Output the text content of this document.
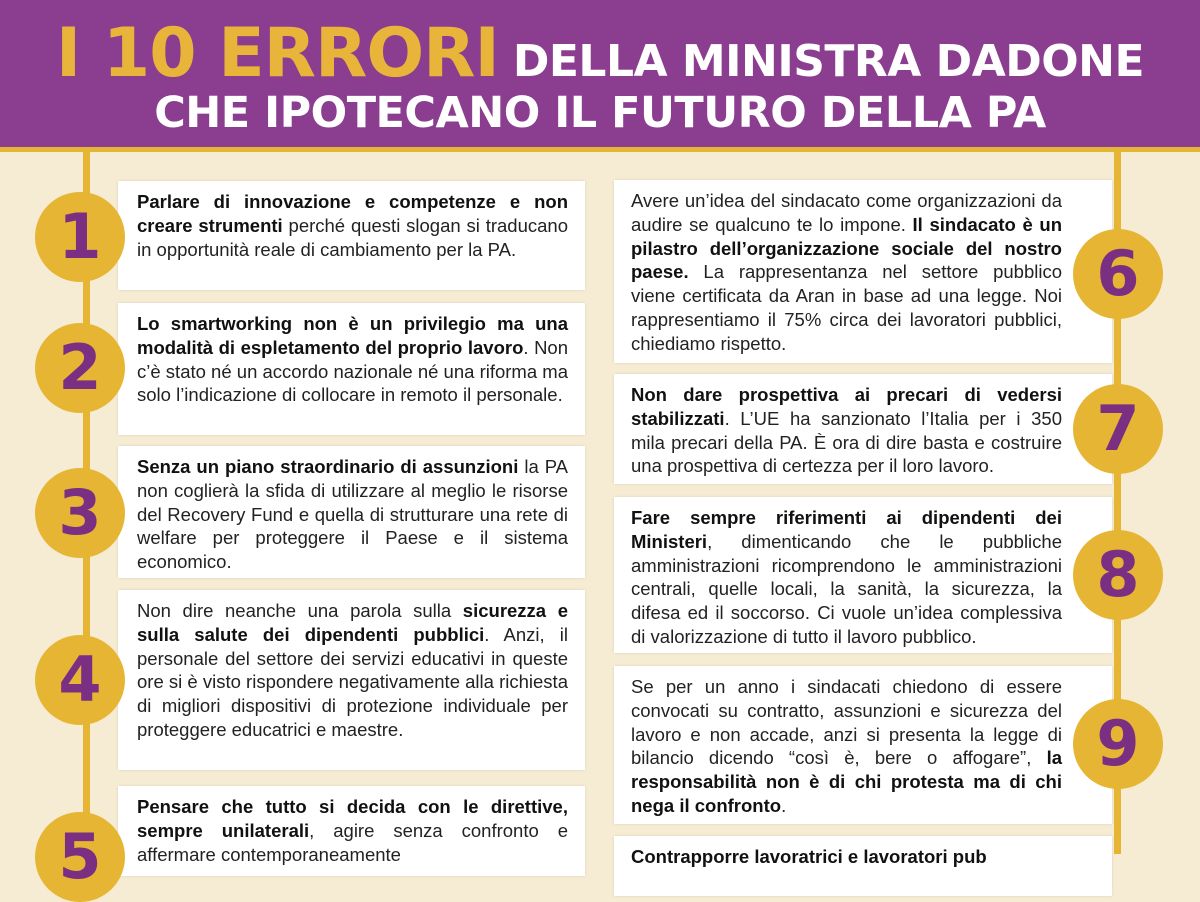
I 10 ERRORI DELLA MINISTRA DADONE
CHE IPOTECANO IL FUTURO DELLA PA
Parlare di innovazione e competenze e non creare strumenti perché questi slogan si traducano in opportunità reale di cambiamento per la PA.
1
Lo smartworking non è un privilegio ma una modalità di espletamento del proprio lavoro. Non c’è stato né un accordo nazionale né una riforma ma solo l’indicazione di collocare in remoto il personale.
2
Senza un piano straordinario di assunzioni la PA non coglierà la sfida di utilizzare al meglio le risorse del Recovery Fund e quella di strutturare una rete di welfare per proteggere il Paese e il sistema economico.
3
Non dire neanche una parola sulla sicurezza e sulla salute dei dipendenti pubblici. Anzi, il personale del settore dei servizi educativi in queste ore si è visto rispondere negativamente alla richiesta di migliori dispositivi di protezione individuale per proteggere educatrici e maestre.
4
Pensare che tutto si decida con le direttive, sempre unilaterali, agire senza confronto e affermare contemporaneamente
5
Avere un’idea del sindacato come organizzazioni da audire se qualcuno te lo impone. Il sindacato è un pilastro dell’organizzazione sociale del nostro paese. La rappresentanza nel settore pubblico viene certificata da Aran in base ad una legge. Noi rappresentiamo il 75% circa dei lavoratori pubblici, chiediamo rispetto.
6
Non dare prospettiva ai precari di vedersi stabilizzati. L’UE ha sanzionato l’Italia per i 350 mila precari della PA. È ora di dire basta e costruire una prospettiva di certezza per il loro lavoro.
7
Fare sempre riferimenti ai dipendenti dei Ministeri, dimenticando che le pubbliche amministrazioni ricomprendono le amministrazioni centrali, quelle locali, la sanità, la sicurezza, la difesa ed il soccorso. Ci vuole un’idea complessiva di valorizzazione di tutto il lavoro pubblico.
8
Se per un anno i sindacati chiedono di essere convocati su contratto, assunzioni e sicurezza del lavoro e non accade, anzi si presenta la legge di bilancio dicendo “così è, bere o affogare”, la responsabilità non è di chi protesta ma di chi nega il confronto.
9
Contrapporre lavoratrici e lavoratori pub
